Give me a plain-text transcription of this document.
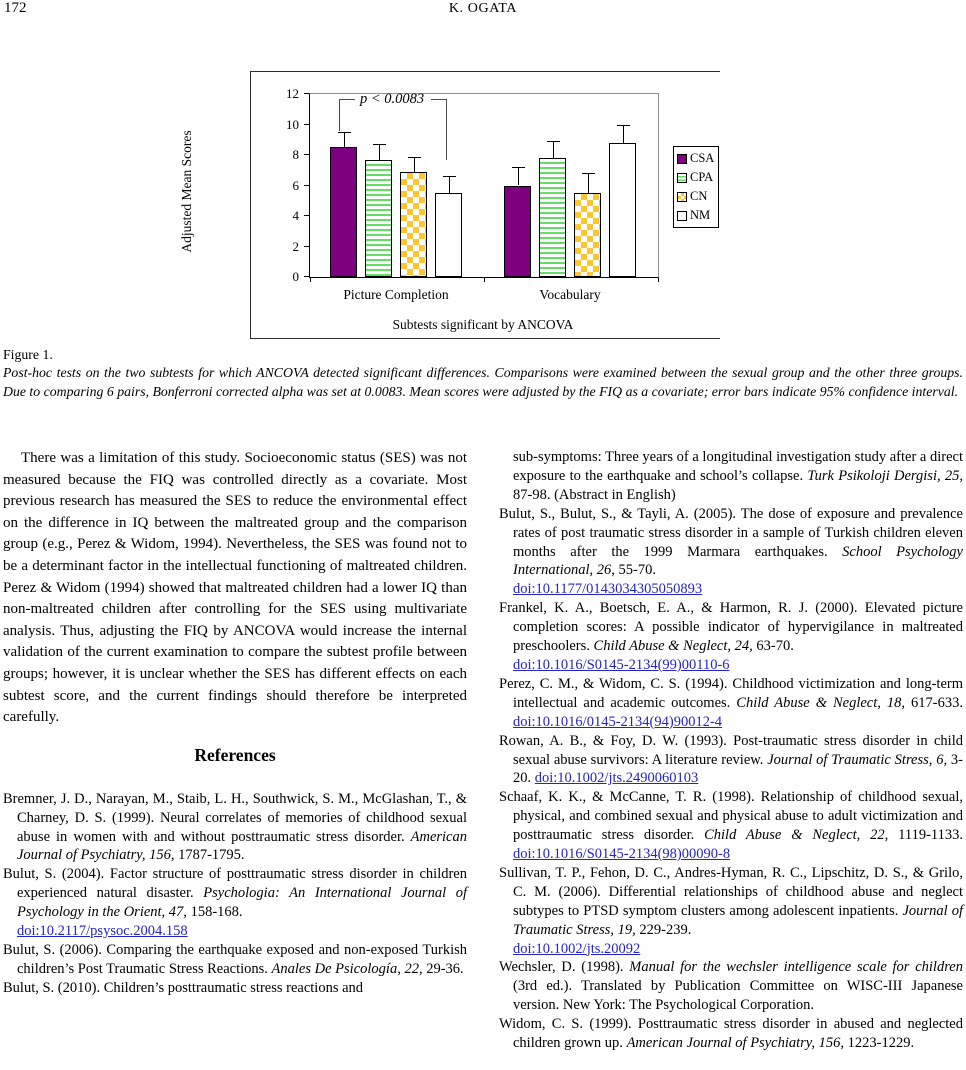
172	K. OGATA
Adjusted Mean Scores
p < 0.0083
CSA
CPA
CN
NM
12
10
8
6
4
2
0
Picture Completion	Vocabulary
Subtests significant by ANCOVA
Figure 1.
Post-hoc tests on the two subtests for which ANCOVA detected significant differences. Comparisons were examined between the sexual group and the other three groups. Due to comparing 6 pairs, Bonferroni corrected alpha was set at 0.0083. Mean scores were adjusted by the FIQ as a covariate; error bars indicate 95% confidence interval.

There was a limitation of this study. Socioeconomic status (SES) was not measured because the FIQ was controlled directly as a covariate. Most previous research has measured the SES to reduce the environmental effect on the difference in IQ between the maltreated group and the comparison group (e.g., Perez & Widom, 1994). Nevertheless, the SES was found not to be a determinant factor in the intellectual functioning of maltreated children. Perez & Widom (1994) showed that maltreated children had a lower IQ than non-maltreated children after controlling for the SES using multivariate analysis. Thus, adjusting the FIQ by ANCOVA would increase the internal validation of the current examination to compare the subtest profile between groups; however, it is unclear whether the SES has different effects on each subtest score, and the current findings should therefore be interpreted carefully.

References
Bremner, J. D., Narayan, M., Staib, L. H., Southwick, S. M., McGlashan, T., & Charney, D. S. (1999). Neural correlates of memories of childhood sexual abuse in women with and without posttraumatic stress disorder. American Journal of Psychiatry, 156, 1787-1795.
Bulut, S. (2004). Factor structure of posttraumatic stress disorder in children experienced natural disaster. Psychologia: An International Journal of Psychology in the Orient, 47, 158-168.
doi:10.2117/psysoc.2004.158
Bulut, S. (2006). Comparing the earthquake exposed and non-exposed Turkish children’s Post Traumatic Stress Reactions. Anales De Psicología, 22, 29-36.
Bulut, S. (2010). Children’s posttraumatic stress reactions and
sub-symptoms: Three years of a longitudinal investigation study after a direct exposure to the earthquake and school’s collapse. Turk Psikoloji Dergisi, 25, 87-98. (Abstract in English)
Bulut, S., Bulut, S., & Tayli, A. (2005). The dose of exposure and prevalence rates of post traumatic stress disorder in a sample of Turkish children eleven months after the 1999 Marmara earthquakes. School Psychology International, 26, 55-70.
doi:10.1177/0143034305050893
Frankel, K. A., Boetsch, E. A., & Harmon, R. J. (2000). Elevated picture completion scores: A possible indicator of hypervigilance in maltreated preschoolers. Child Abuse & Neglect, 24, 63-70.
doi:10.1016/S0145-2134(99)00110-6
Perez, C. M., & Widom, C. S. (1994). Childhood victimization and long-term intellectual and academic outcomes. Child Abuse & Neglect, 18, 617-633. doi:10.1016/0145-2134(94)90012-4
Rowan, A. B., & Foy, D. W. (1993). Post-traumatic stress disorder in child sexual abuse survivors: A literature review. Journal of Traumatic Stress, 6, 3-20. doi:10.1002/jts.2490060103
Schaaf, K. K., & McCanne, T. R. (1998). Relationship of childhood sexual, physical, and combined sexual and physical abuse to adult victimization and posttraumatic stress disorder. Child Abuse & Neglect, 22, 1119-1133. doi:10.1016/S0145-2134(98)00090-8
Sullivan, T. P., Fehon, D. C., Andres-Hyman, R. C., Lipschitz, D. S., & Grilo, C. M. (2006). Differential relationships of childhood abuse and neglect subtypes to PTSD symptom clusters among adolescent inpatients. Journal of Traumatic Stress, 19, 229-239.
doi:10.1002/jts.20092
Wechsler, D. (1998). Manual for the wechsler intelligence scale for children (3rd ed.). Translated by Publication Committee on WISC-III Japanese version. New York: The Psychological Corporation.
Widom, C. S. (1999). Posttraumatic stress disorder in abused and neglected children grown up. American Journal of Psychiatry, 156, 1223-1229.
